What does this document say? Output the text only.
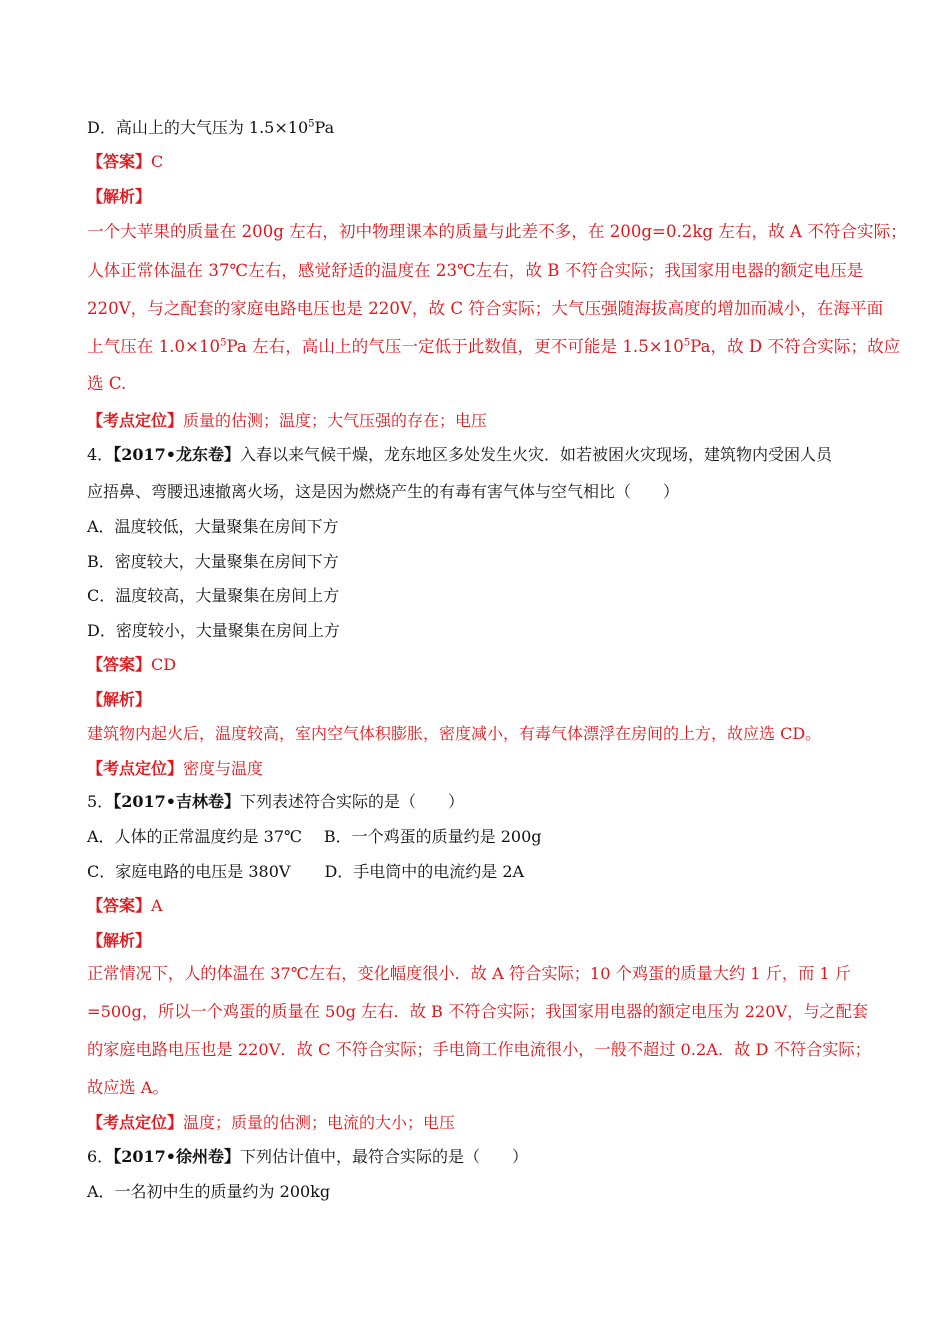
D．高山上的大气压为 $1.5\times 10^5Pa$
【答案】C
【解析】
一个大苹果的质量在 200g 左右，初中物理课本的质量与此差不多，在 200g=0.2kg 左右，故 A 不符合实际；
人体正常体温在 37℃左右，感觉舒适的温度在 23℃左右，故 B 不符合实际；我国家用电器的额定电压是
220V，与之配套的家庭电路电压也是 220V，故 C 符合实际；大气压强随海拔高度的增加而减小，在海平面
上气压在 $1.0\times 10^5Pa$ 左右，高山上的气压一定低于此数值，更不可能是 $1.5\times 10^5Pa$，故 D 不符合实际；故应
选 C.
【考点定位】质量的估测；温度；大气压强的存在；电压
4．【2017•龙东卷】入春以来气候干燥，龙东地区多处发生火灾．如若被困火灾现场，建筑物内受困人员
应捂鼻、弯腰迅速撤离火场，这是因为燃烧产生的有毒有害气体与空气相比（　　）
A．温度较低，大量聚集在房间下方
B．密度较大，大量聚集在房间下方
C．温度较高，大量聚集在房间上方
D．密度较小，大量聚集在房间上方
【答案】CD
【解析】
建筑物内起火后，温度较高，室内空气体积膨胀，密度减小，有毒气体漂浮在房间的上方，故应选 CD。
【考点定位】密度与温度
5．【2017•吉林卷】下列表述符合实际的是（　　）
A．人体的正常温度约是 37℃ B．一个鸡蛋的质量约是 200g
C．家庭电路的电压是 380V D．手电筒中的电流约是 2A
【答案】A
【解析】
正常情况下，人的体温在 37℃左右，变化幅度很小．故 A 符合实际；10 个鸡蛋的质量大约 1 斤，而 1 斤
=500g，所以一个鸡蛋的质量在 50g 左右．故 B 不符合实际；我国家用电器的额定电压为 220V，与之配套
的家庭电路电压也是 220V．故 C 不符合实际；手电筒工作电流很小，一般不超过 0.2A．故 D 不符合实际；
故应选 A。
【考点定位】温度；质量的估测；电流的大小；电压
6．【2017•徐州卷】下列估计值中，最符合实际的是（　　）
A．一名初中生的质量约为 200kg
